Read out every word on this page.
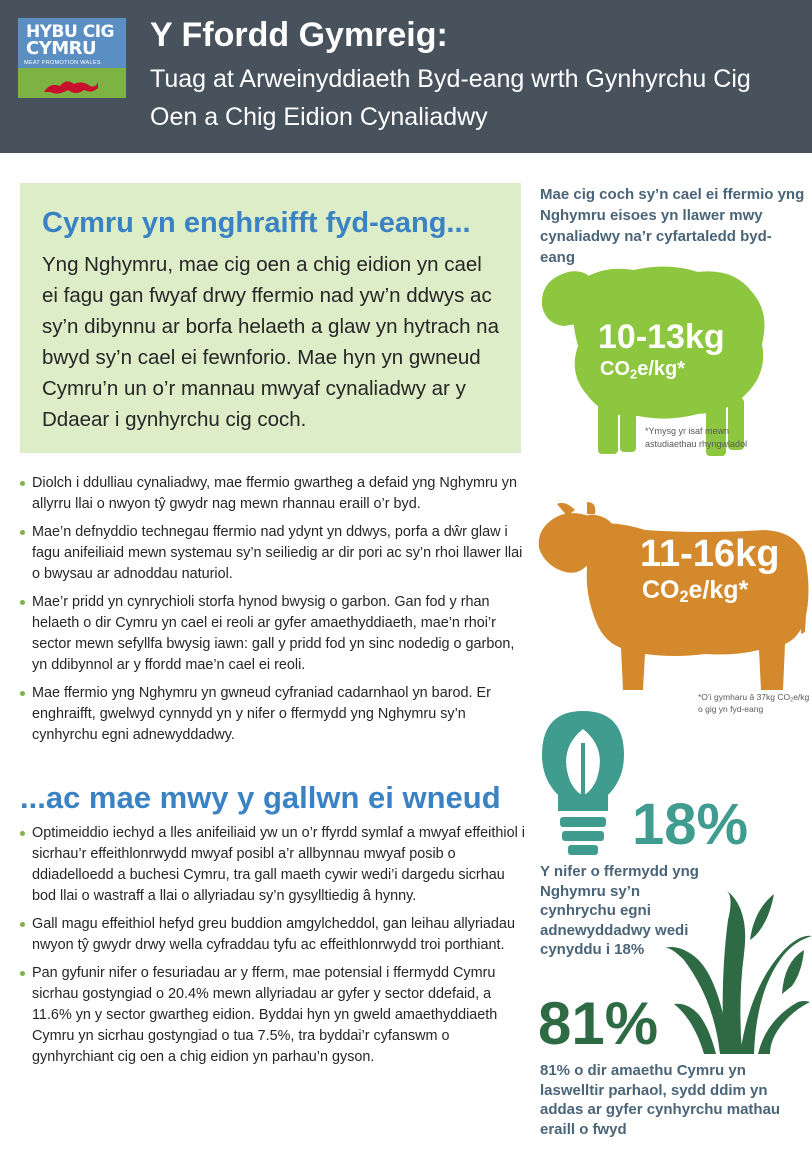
HYBU CIG
CYMRU
MEAT PROMOTION WALES
Y Ffordd Gymreig:
Tuag at Arweinyddiaeth Byd-eang wrth Gynhyrchu Cig Oen a Chig Eidion Cynaliadwy
Cymru yn enghraifft fyd-eang...
Yng Nghymru, mae cig oen a chig eidion yn cael ei fagu gan fwyaf drwy ffermio nad yw’n ddwys ac sy’n dibynnu ar borfa helaeth a glaw yn hytrach na bwyd sy’n cael ei fewnforio. Mae hyn yn gwneud Cymru’n un o’r mannau mwyaf cynaliadwy ar y Ddaear i gynhyrchu cig coch.
Diolch i ddulliau cynaliadwy, mae ffermio gwartheg a defaid yng Nghymru yn allyrru llai o nwyon tŷ gwydr nag mewn rhannau eraill o’r byd.
Mae’n defnyddio technegau ffermio nad ydynt yn ddwys, porfa a dŵr glaw i fagu anifeiliaid mewn systemau sy’n seiliedig ar dir pori ac sy’n rhoi llawer llai o bwysau ar adnoddau naturiol.
Mae’r pridd yn cynrychioli storfa hynod bwysig o garbon. Gan fod y rhan helaeth o dir Cymru yn cael ei reoli ar gyfer amaethyddiaeth, mae’n rhoi’r sector mewn sefyllfa bwysig iawn: gall y pridd fod yn sinc nodedig o garbon, yn ddibynnol ar y ffordd mae’n cael ei reoli.
Mae ffermio yng Nghymru yn gwneud cyfraniad cadarnhaol yn barod. Er enghraifft, gwelwyd cynnydd yn y nifer o ffermydd yng Nghymru sy’n cynhyrchu egni adnewyddadwy.
...ac mae mwy y gallwn ei wneud
Optimeiddio iechyd a lles anifeiliaid yw un o’r ffyrdd symlaf a mwyaf effeithiol i sicrhau’r effeithlonrwydd mwyaf posibl a’r allbynnau mwyaf posib o ddiadelloedd a buchesi Cymru, tra gall maeth cywir wedi’i dargedu sicrhau bod llai o wastraff a llai o allyriadau sy’n gysylltiedig â hynny.
Gall magu effeithiol hefyd greu buddion amgylcheddol, gan leihau allyriadau nwyon tŷ gwydr drwy wella cyfraddau tyfu ac effeithlonrwydd troi porthiant.
Pan gyfunir nifer o fesuriadau ar y fferm, mae potensial i ffermydd Cymru sicrhau gostyngiad o 20.4% mewn allyriadau ar gyfer y sector ddefaid, a 11.6% yn y sector gwartheg eidion. Byddai hyn yn gweld amaethyddiaeth Cymru yn sicrhau gostyngiad o tua 7.5%, tra byddai’r cyfanswm o gynhyrchiant cig oen a chig eidion yn parhau’n gyson.
Mae cig coch sy’n cael ei ffermio yng Nghymru eisoes yn llawer mwy cynaliadwy na’r cyfartaledd byd-eang
10-13kg
$CO_2e/kg*$
*Ymysg yr isaf mewn astudiaethau rhyngwladol
11-16kg
$CO_2e/kg*$
*O’i gymharu â 37kg $CO_2e/kg$ o gig yn fyd-eang
18%
Y nifer o ffermydd yng Nghymru sy’n cynhrychu egni adnewyddadwy wedi cynyddu i 18%
81%
81% o dir amaethu Cymru yn laswelltir parhaol, sydd ddim yn addas ar gyfer cynhyrchu mathau eraill o fwyd
